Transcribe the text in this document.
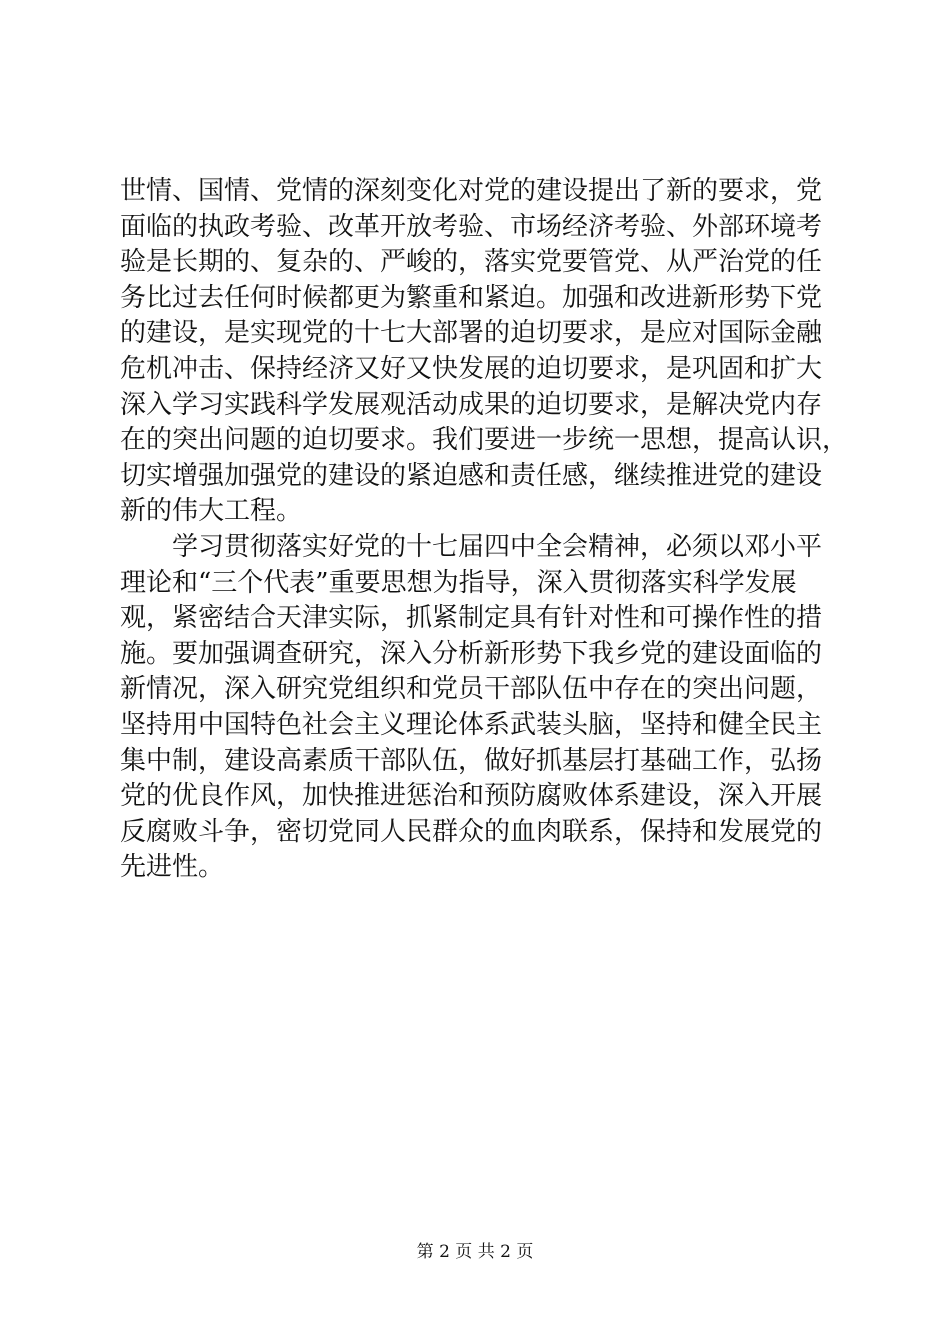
世情、国情、党情的深刻变化对党的建设提出了新的要求，党
面临的执政考验、改革开放考验、市场经济考验、外部环境考
验是长期的、复杂的、严峻的，落实党要管党、从严治党的任
务比过去任何时候都更为繁重和紧迫。加强和改进新形势下党
的建设，是实现党的十七大部署的迫切要求，是应对国际金融
危机冲击、保持经济又好又快发展的迫切要求，是巩固和扩大
深入学习实践科学发展观活动成果的迫切要求，是解决党内存
在的突出问题的迫切要求。我们要进一步统一思想，提高认识，
切实增强加强党的建设的紧迫感和责任感，继续推进党的建设
新的伟大工程。
　　学习贯彻落实好党的十七届四中全会精神，必须以邓小平
理论和“三个代表”重要思想为指导，深入贯彻落实科学发展
观，紧密结合天津实际，抓紧制定具有针对性和可操作性的措
施。要加强调查研究，深入分析新形势下我乡党的建设面临的
新情况，深入研究党组织和党员干部队伍中存在的突出问题，
坚持用中国特色社会主义理论体系武装头脑，坚持和健全民主
集中制，建设高素质干部队伍，做好抓基层打基础工作，弘扬
党的优良作风，加快推进惩治和预防腐败体系建设，深入开展
反腐败斗争，密切党同人民群众的血肉联系，保持和发展党的
先进性。
第 2 页 共 2 页
